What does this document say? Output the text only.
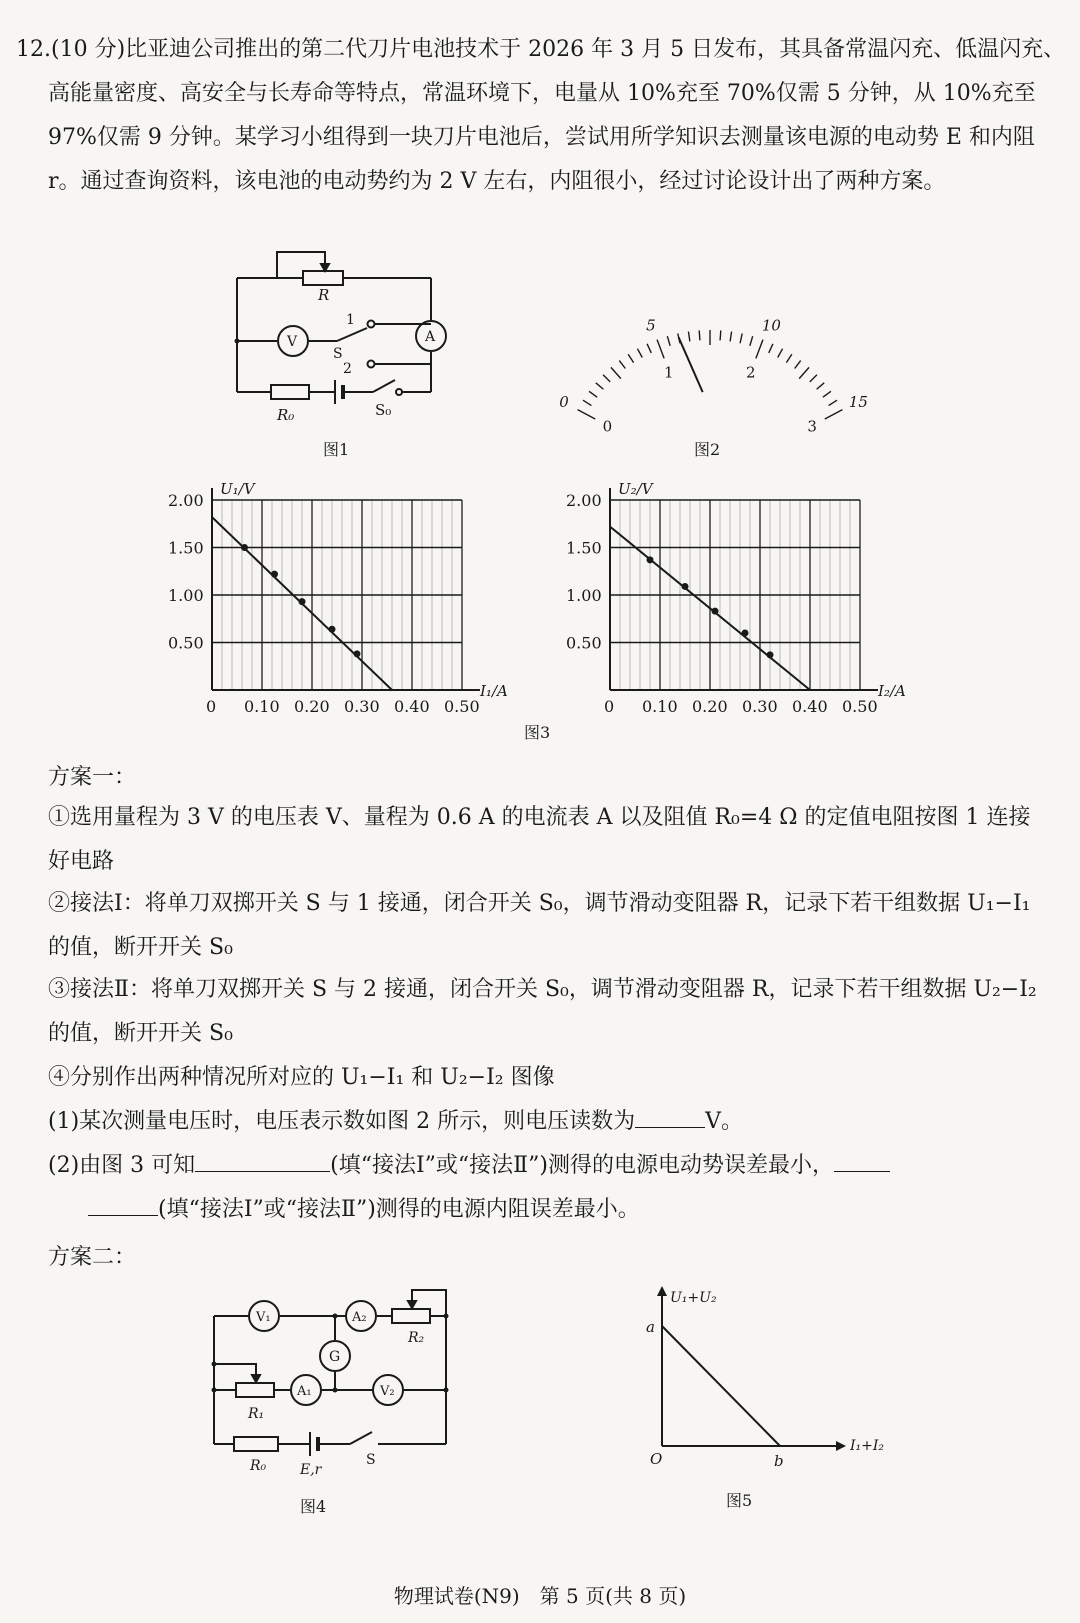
12.(10 分)比亚迪公司推出的第二代刀片电池技术于 2026 年 3 月 5 日发布，其具备常温闪充、低温闪充、高能量密度、高安全与长寿命等特点，常温环境下，电量从 10%充至 70%仅需 5 分钟，从 10%充至 97%仅需 9 分钟。某学习小组得到一块刀片电池后，尝试用所学知识去测量该电源的电动势 E 和内阻 r。通过查询资料，该电池的电动势约为 2 V 左右，内阻很小，经过讨论设计出了两种方案。

R
V	A
1
S
2
R₀	S₀
图1
0
5	10
15
0
1	2
3
图2
2.00
1.50
1.00
0.50
0 0.10 0.20 0.30 0.40 0.50
U₁/V
I₁/A
2.00
1.50
1.00
0.50
0 0.10 0.20 0.30 0.40 0.50
U₂/V
I₂/A
图3
方案一：

①选用量程为 3 V 的电压表 V、量程为 0.6 A 的电流表 A 以及阻值 R₀=4 Ω 的定值电阻按图 1 连接好电路

②接法Ⅰ：将单刀双掷开关 S 与 1 接通，闭合开关 S₀，调节滑动变阻器 R，记录下若干组数据 U₁−I₁ 的值，断开开关 S₀

③接法Ⅱ：将单刀双掷开关 S 与 2 接通，闭合开关 S₀，调节滑动变阻器 R，记录下若干组数据 U₂−I₂ 的值，断开开关 S₀

④分别作出两种情况所对应的 U₁−I₁ 和 U₂−I₂ 图像

(1)某次测量电压时，电压表示数如图 2 所示，则电压读数为	V。

(2)由图 3 可知	(填“接法Ⅰ”或“接法Ⅱ”)测得的电源电动势误差最小，
(填“接法Ⅰ”或“接法Ⅱ”)测得的电源内阻误差最小。

方案二：
V₁	A₂
R₂
G
R₁
A₁	V₂
R₀ E,r
S
图4
U₁+U₂
I₁+I₂
a
O	b
图5
物理试卷(N9)　第 5 页(共 8 页)
